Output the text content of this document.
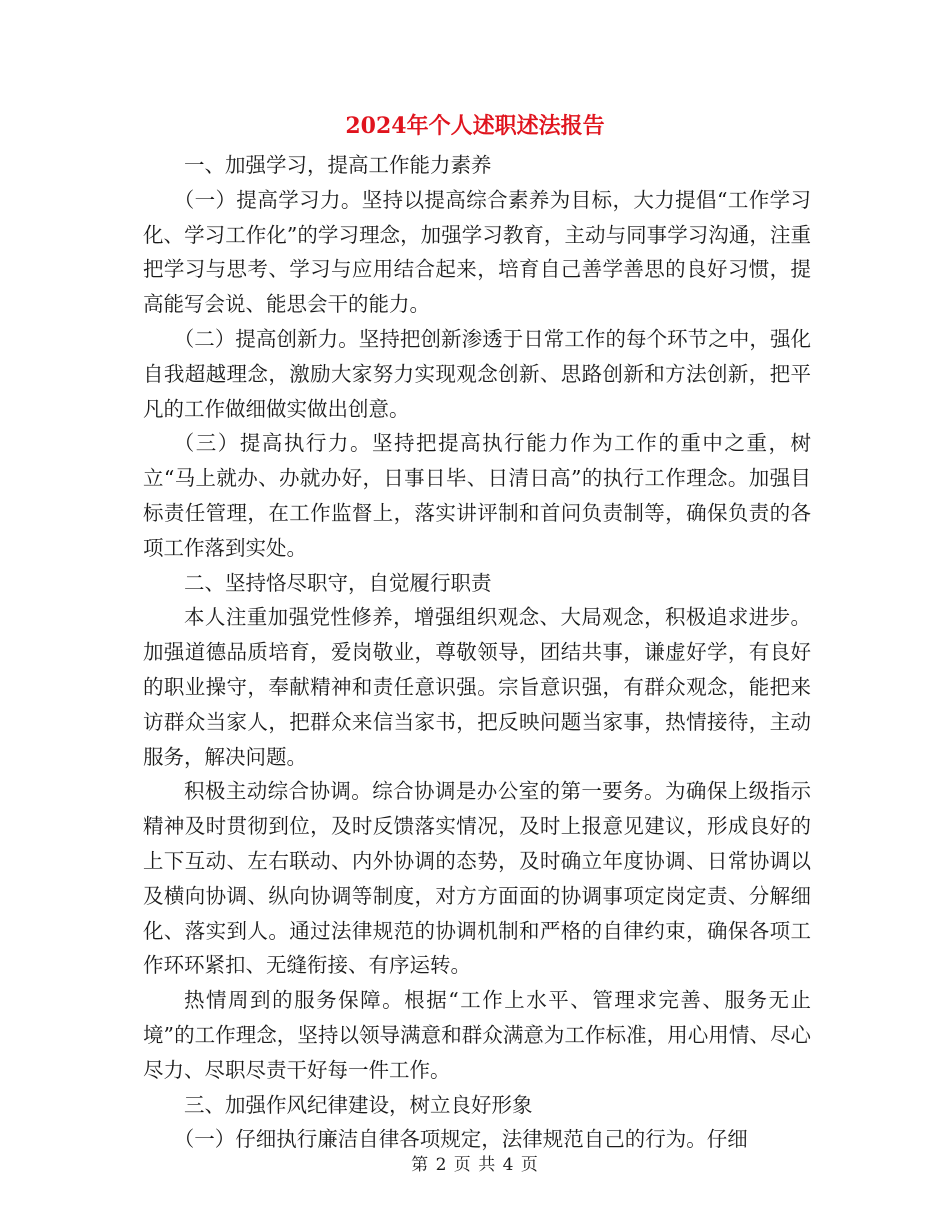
2024年个人述职述法报告

一、加强学习，提高工作能力素养

（一）提高学习力。坚持以提高综合素养为目标，大力提倡“工作学习化、学习工作化”的学习理念，加强学习教育，主动与同事学习沟通，注重把学习与思考、学习与应用结合起来，培育自己善学善思的良好习惯，提高能写会说、能思会干的能力。

（二）提高创新力。坚持把创新渗透于日常工作的每个环节之中，强化自我超越理念，激励大家努力实现观念创新、思路创新和方法创新，把平凡的工作做细做实做出创意。

（三）提高执行力。坚持把提高执行能力作为工作的重中之重，树立“马上就办、办就办好，日事日毕、日清日高”的执行工作理念。加强目标责任管理，在工作监督上，落实讲评制和首问负责制等，确保负责的各项工作落到实处。

二、坚持恪尽职守，自觉履行职责

本人注重加强党性修养，增强组织观念、大局观念，积极追求进步。加强道德品质培育，爱岗敬业，尊敬领导，团结共事，谦虚好学，有良好的职业操守，奉献精神和责任意识强。宗旨意识强，有群众观念，能把来访群众当家人，把群众来信当家书，把反映问题当家事，热情接待，主动服务，解决问题。

积极主动综合协调。综合协调是办公室的第一要务。为确保上级指示精神及时贯彻到位，及时反馈落实情况，及时上报意见建议，形成良好的上下互动、左右联动、内外协调的态势，及时确立年度协调、日常协调以及横向协调、纵向协调等制度，对方方面面的协调事项定岗定责、分解细化、落实到人。通过法律规范的协调机制和严格的自律约束，确保各项工作环环紧扣、无缝衔接、有序运转。

热情周到的服务保障。根据“工作上水平、管理求完善、服务无止境”的工作理念，坚持以领导满意和群众满意为工作标准，用心用情、尽心尽力、尽职尽责干好每一件工作。

三、加强作风纪律建设，树立良好形象

（一）仔细执行廉洁自律各项规定，法律规范自己的行为。仔细

第 2 页 共 4 页
